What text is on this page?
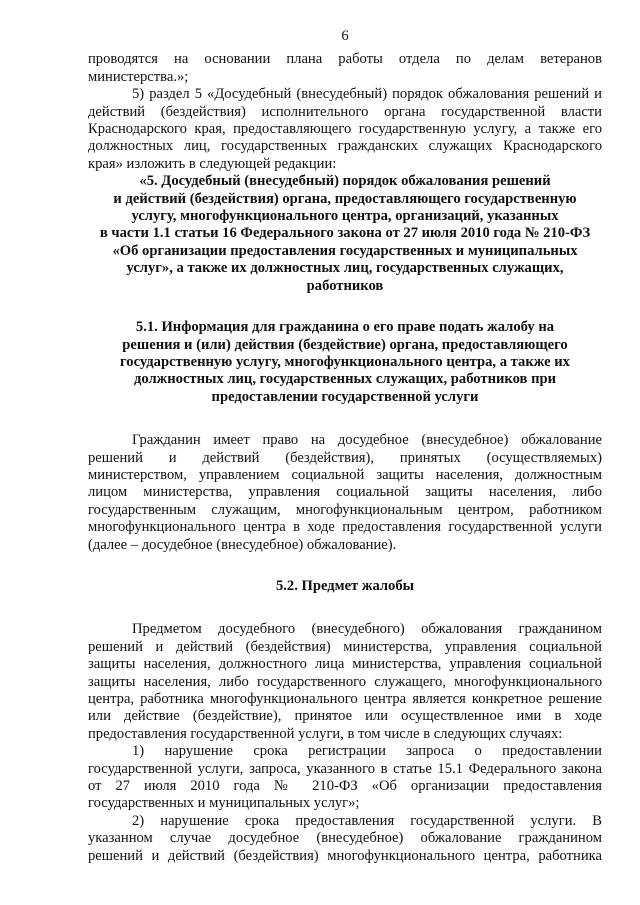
6
проводятся на основании плана работы отдела по делам ветеранов
министерства.»;
5) раздел 5 «Досудебный (внесудебный) порядок обжалования решений и
действий (бездействия) исполнительного органа государственной власти
Краснодарского края, предоставляющего государственную услугу, а также его
должностных лиц, государственных гражданских служащих Краснодарского
края» изложить в следующей редакции:
«5. Досудебный (внесудебный) порядок обжалования решений
и действий (бездействия) органа, предоставляющего государственную
услугу, многофункционального центра, организаций, указанных
в части 1.1 статьи 16 Федерального закона от 27 июля 2010 года № 210-ФЗ
«Об организации предоставления государственных и муниципальных
услуг», а также их должностных лиц, государственных служащих,
работников
5.1. Информация для гражданина о его праве подать жалобу на
решения и (или) действия (бездействие) органа, предоставляющего
государственную услугу, многофункционального центра, а также их
должностных лиц, государственных служащих, работников при
предоставлении государственной услуги
Гражданин имеет право на досудебное (внесудебное) обжалование
решений и действий (бездействия), принятых (осуществляемых)
министерством, управлением социальной защиты населения, должностным
лицом министерства, управления социальной защиты населения, либо
государственным служащим, многофункциональным центром, работником
многофункционального центра в ходе предоставления государственной услуги
(далее – досудебное (внесудебное) обжалование).
5.2. Предмет жалобы
Предметом досудебного (внесудебного) обжалования гражданином
решений и действий (бездействия) министерства, управления социальной
защиты населения, должностного лица министерства, управления социальной
защиты населения, либо государственного служащего, многофункционального
центра, работника многофункционального центра является конкретное решение
или действие (бездействие), принятое или осуществленное ими в ходе
предоставления государственной услуги, в том числе в следующих случаях:
1) нарушение срока регистрации запроса о предоставлении
государственной услуги, запроса, указанного в статье 15.1 Федерального закона
от 27 июля 2010 года № 210-ФЗ «Об организации предоставления
государственных и муниципальных услуг»;
2) нарушение срока предоставления государственной услуги. В
указанном случае досудебное (внесудебное) обжалование гражданином
решений и действий (бездействия) многофункционального центра, работника
